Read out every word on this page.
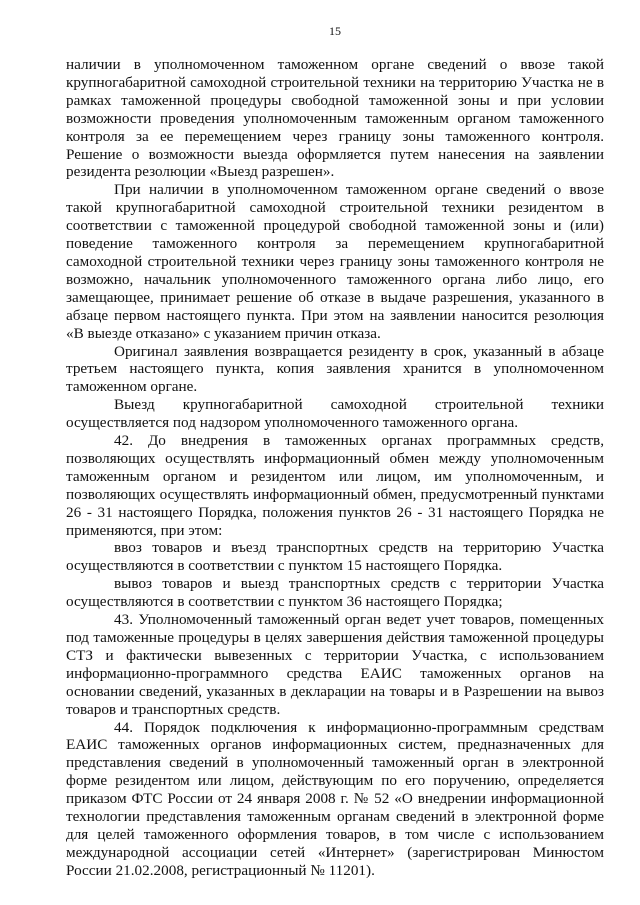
15

наличии в уполномоченном таможенном органе сведений о ввозе такой крупногабаритной самоходной строительной техники на территорию Участка не в рамках таможенной процедуры свободной таможенной зоны и при условии возможности проведения уполномоченным таможенным органом таможенного контроля за ее перемещением через границу зоны таможенного контроля. Решение о возможности выезда оформляется путем нанесения на заявлении резидента резолюции «Выезд разрешен».

При наличии в уполномоченном таможенном органе сведений о ввозе такой крупногабаритной самоходной строительной техники резидентом в соответствии с таможенной процедурой свободной таможенной зоны и (или) поведение таможенного контроля за перемещением крупногабаритной самоходной строительной техники через границу зоны таможенного контроля не возможно, начальник уполномоченного таможенного органа либо лицо, его замещающее, принимает решение об отказе в выдаче разрешения, указанного в абзаце первом настоящего пункта. При этом на заявлении наносится резолюция «В выезде отказано» с указанием причин отказа.

Оригинал заявления возвращается резиденту в срок, указанный в абзаце третьем настоящего пункта, копия заявления хранится в уполномоченном таможенном органе.

Выезд крупногабаритной самоходной строительной техники осуществляется под надзором уполномоченного таможенного органа.

42. До внедрения в таможенных органах программных средств, позволяющих осуществлять информационный обмен между уполномоченным таможенным органом и резидентом или лицом, им уполномоченным, и позволяющих осуществлять информационный обмен, предусмотренный пунктами 26 - 31 настоящего Порядка, положения пунктов 26 - 31 настоящего Порядка не применяются, при этом:

ввоз товаров и въезд транспортных средств на территорию Участка осуществляются в соответствии с пунктом 15 настоящего Порядка.

вывоз товаров и выезд транспортных средств с территории Участка осуществляются в соответствии с пунктом 36 настоящего Порядка;

43. Уполномоченный таможенный орган ведет учет товаров, помещенных под таможенные процедуры в целях завершения действия таможенной процедуры СТЗ и фактически вывезенных с территории Участка, с использованием информационно-программного средства ЕАИС таможенных органов на основании сведений, указанных в декларации на товары и в Разрешении на вывоз товаров и транспортных средств.

44. Порядок подключения к информационно-программным средствам ЕАИС таможенных органов информационных систем, предназначенных для представления сведений в уполномоченный таможенный орган в электронной форме резидентом или лицом, действующим по его поручению, определяется приказом ФТС России от 24 января 2008 г. № 52 «О внедрении информационной технологии представления таможенным органам сведений в электронной форме для целей таможенного оформления товаров, в том числе с использованием международной ассоциации сетей «Интернет» (зарегистрирован Минюстом России 21.02.2008, регистрационный № 11201).
